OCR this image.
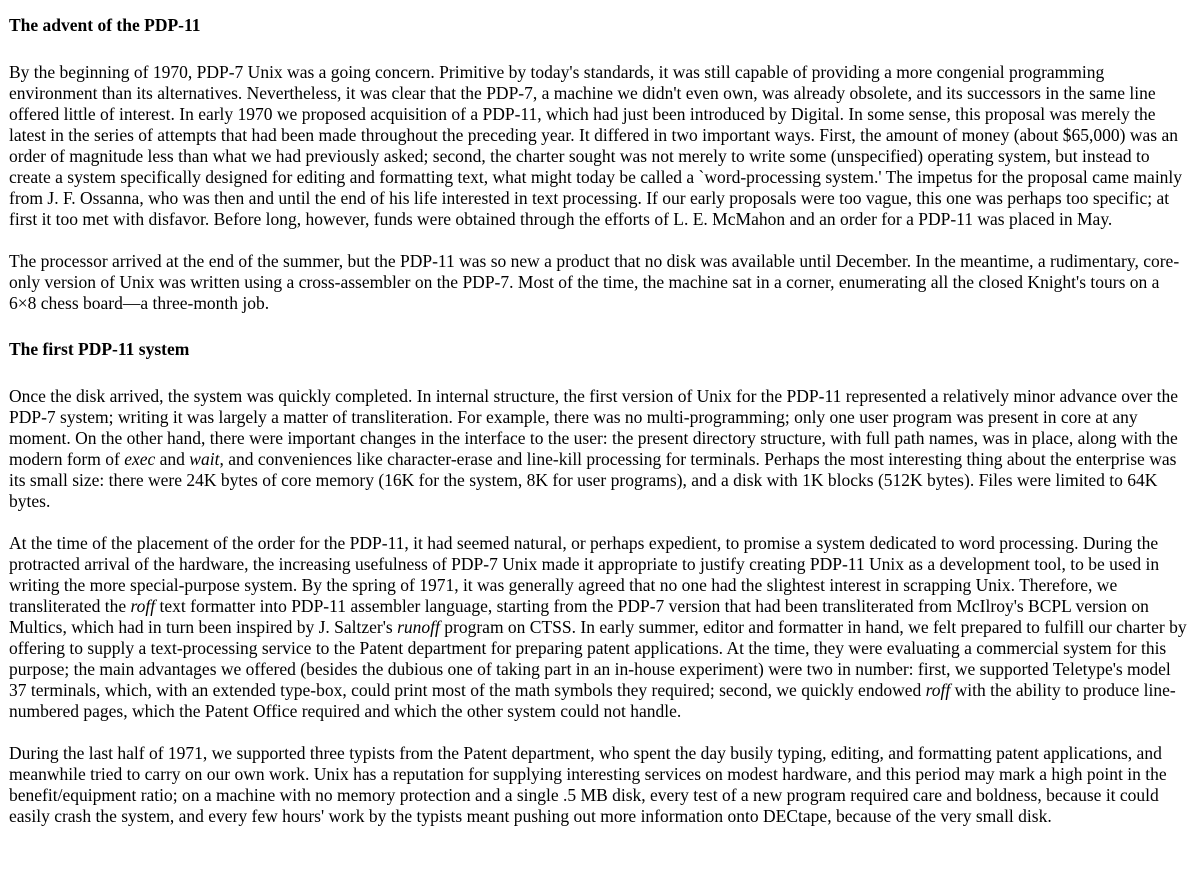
The advent of the PDP-11

By the beginning of 1970, PDP-7 Unix was a going concern. Primitive by today's standards, it was still capable of providing a more congenial programming environment than its alternatives. Nevertheless, it was clear that the PDP-7, a machine we didn't even own, was already obsolete, and its successors in the same line offered little of interest. In early 1970 we proposed acquisition of a PDP-11, which had just been introduced by Digital. In some sense, this proposal was merely the latest in the series of attempts that had been made throughout the preceding year. It differed in two important ways. First, the amount of money (about $65,000) was an order of magnitude less than what we had previously asked; second, the charter sought was not merely to write some (unspecified) operating system, but instead to create a system specifically designed for editing and formatting text, what might today be called a `word-processing system.' The impetus for the proposal came mainly from J. F. Ossanna, who was then and until the end of his life interested in text processing. If our early proposals were too vague, this one was perhaps too specific; at first it too met with disfavor. Before long, however, funds were obtained through the efforts of L. E. McMahon and an order for a PDP-11 was placed in May.

The processor arrived at the end of the summer, but the PDP-11 was so new a product that no disk was available until December. In the meantime, a rudimentary, core-only version of Unix was written using a cross-assembler on the PDP-7. Most of the time, the machine sat in a corner, enumerating all the closed Knight's tours on a 6×8 chess board—a three-month job.

The first PDP-11 system

Once the disk arrived, the system was quickly completed. In internal structure, the first version of Unix for the PDP-11 represented a relatively minor advance over the PDP-7 system; writing it was largely a matter of transliteration. For example, there was no multi-programming; only one user program was present in core at any moment. On the other hand, there were important changes in the interface to the user: the present directory structure, with full path names, was in place, along with the modern form of exec and wait, and conveniences like character-erase and line-kill processing for terminals. Perhaps the most interesting thing about the enterprise was its small size: there were 24K bytes of core memory (16K for the system, 8K for user programs), and a disk with 1K blocks (512K bytes). Files were limited to 64K bytes.

At the time of the placement of the order for the PDP-11, it had seemed natural, or perhaps expedient, to promise a system dedicated to word processing. During the protracted arrival of the hardware, the increasing usefulness of PDP-7 Unix made it appropriate to justify creating PDP-11 Unix as a development tool, to be used in writing the more special-purpose system. By the spring of 1971, it was generally agreed that no one had the slightest interest in scrapping Unix. Therefore, we transliterated the roff text formatter into PDP-11 assembler language, starting from the PDP-7 version that had been transliterated from McIlroy's BCPL version on Multics, which had in turn been inspired by J. Saltzer's runoff program on CTSS. In early summer, editor and formatter in hand, we felt prepared to fulfill our charter by offering to supply a text-processing service to the Patent department for preparing patent applications. At the time, they were evaluating a commercial system for this purpose; the main advantages we offered (besides the dubious one of taking part in an in-house experiment) were two in number: first, we supported Teletype's model 37 terminals, which, with an extended type-box, could print most of the math symbols they required; second, we quickly endowed roff with the ability to produce line-numbered pages, which the Patent Office required and which the other system could not handle.

During the last half of 1971, we supported three typists from the Patent department, who spent the day busily typing, editing, and formatting patent applications, and meanwhile tried to carry on our own work. Unix has a reputation for supplying interesting services on modest hardware, and this period may mark a high point in the benefit/equipment ratio; on a machine with no memory protection and a single .5 MB disk, every test of a new program required care and boldness, because it could easily crash the system, and every few hours' work by the typists meant pushing out more information onto DECtape, because of the very small disk.
